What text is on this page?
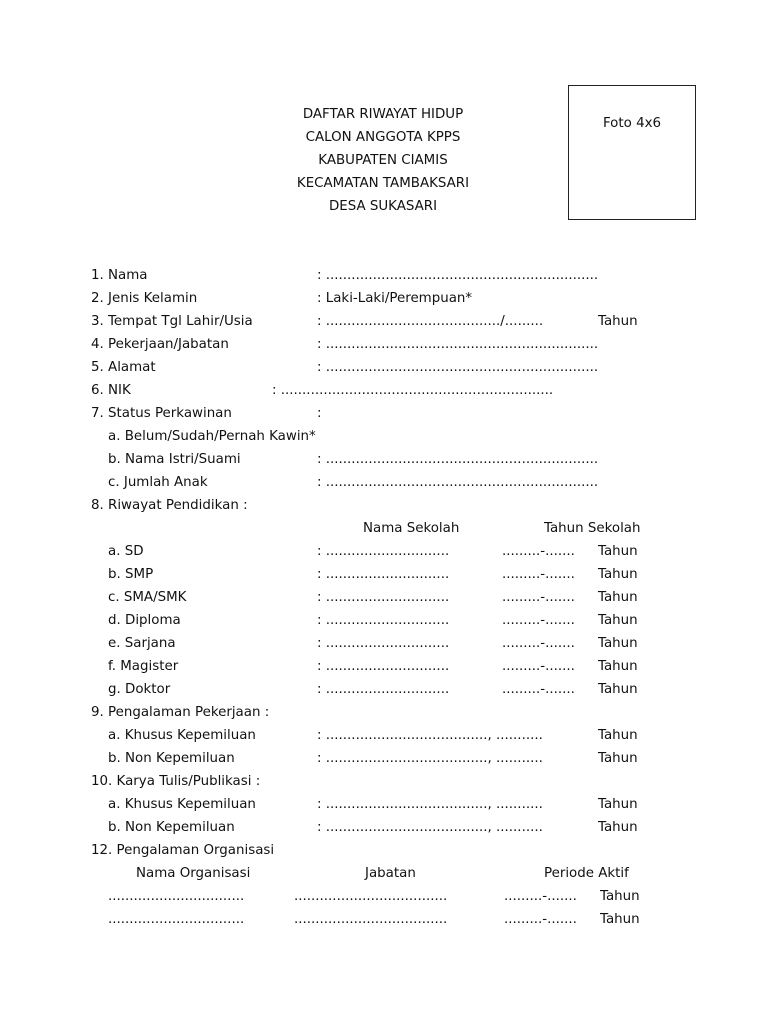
DAFTAR RIWAYAT HIDUP
CALON ANGGOTA KPPS
KABUPATEN CIAMIS
KECAMATAN TAMBAKSARI
DESA SUKASARI
Foto 4x6
1. Nama	: ................................................................
2. Jenis Kelamin	: Laki-Laki/Perempuan*
3. Tempat Tgl Lahir/Usia	: ........................................./.........	Tahun
4. Pekerjaan/Jabatan	: ................................................................
5. Alamat	: ................................................................
6. NIK	: ................................................................
7. Status Perkawinan	:
a. Belum/Sudah/Pernah Kawin*
b. Nama Istri/Suami	: ................................................................
c. Jumlah Anak	: ................................................................
8. Riwayat Pendidikan :
Nama Sekolah	Tahun Sekolah
a. SD	: .............................	.........-....... Tahun
b. SMP	: .............................	.........-....... Tahun
c. SMA/SMK	: .............................	.........-....... Tahun
d. Diploma	: .............................	.........-....... Tahun
e. Sarjana	: .............................	.........-....... Tahun
f. Magister	: .............................	.........-....... Tahun
g. Doktor	: .............................	.........-....... Tahun
9. Pengalaman Pekerjaan :
a. Khusus Kepemiluan	: ......................................, ...........	Tahun
b. Non Kepemiluan	: ......................................, ...........	Tahun
10. Karya Tulis/Publikasi :
a. Khusus Kepemiluan	: ......................................, ...........	Tahun
b. Non Kepemiluan	: ......................................, ...........	Tahun
12. Pengalaman Organisasi
Nama Organisasi	Jabatan	Periode Aktif
................................	....................................	.........-....... Tahun
................................	....................................	.........-....... Tahun
